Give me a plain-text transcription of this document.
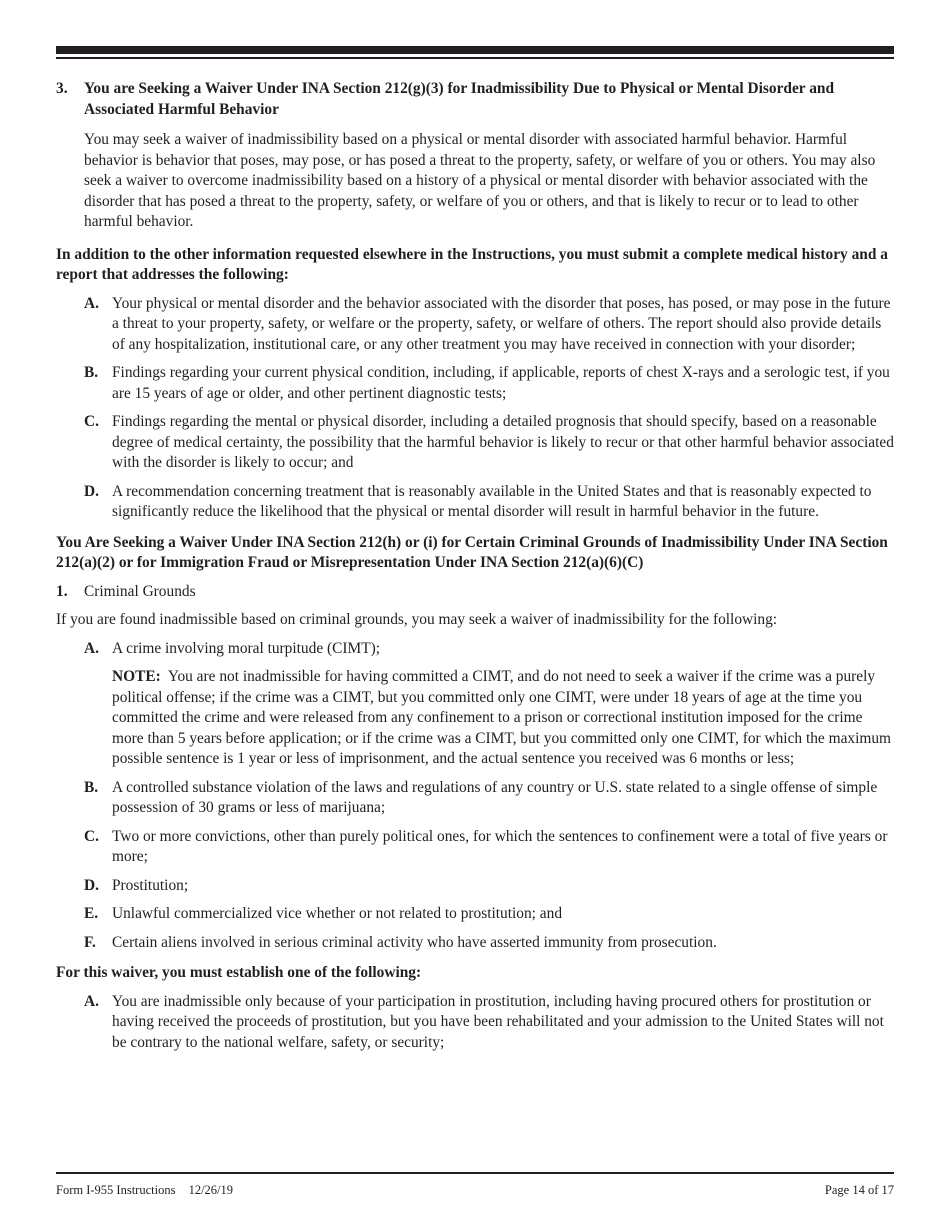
3.	You are Seeking a Waiver Under INA Section 212(g)(3) for Inadmissibility Due to Physical or Mental Disorder and Associated Harmful Behavior
You may seek a waiver of inadmissibility based on a physical or mental disorder with associated harmful behavior. Harmful behavior is behavior that poses, may pose, or has posed a threat to the property, safety, or welfare of you or others. You may also seek a waiver to overcome inadmissibility based on a history of a physical or mental disorder with behavior associated with the disorder that has posed a threat to the property, safety, or welfare of you or others, and that is likely to recur or to lead to other harmful behavior.
In addition to the other information requested elsewhere in the Instructions, you must submit a complete medical history and a report that addresses the following:
A. Your physical or mental disorder and the behavior associated with the disorder that poses, has posed, or may pose in the future a threat to your property, safety, or welfare or the property, safety, or welfare of others. The report should also provide details of any hospitalization, institutional care, or any other treatment you may have received in connection with your disorder;
B. Findings regarding your current physical condition, including, if applicable, reports of chest X-rays and a serologic test, if you are 15 years of age or older, and other pertinent diagnostic tests;
C. Findings regarding the mental or physical disorder, including a detailed prognosis that should specify, based on a reasonable degree of medical certainty, the possibility that the harmful behavior is likely to recur or that other harmful behavior associated with the disorder is likely to occur; and
D. A recommendation concerning treatment that is reasonably available in the United States and that is reasonably expected to significantly reduce the likelihood that the physical or mental disorder will result in harmful behavior in the future.
You Are Seeking a Waiver Under INA Section 212(h) or (i) for Certain Criminal Grounds of Inadmissibility Under INA Section 212(a)(2) or for Immigration Fraud or Misrepresentation Under INA Section 212(a)(6)(C)
1.	Criminal Grounds
If you are found inadmissible based on criminal grounds, you may seek a waiver of inadmissibility for the following:
A. A crime involving moral turpitude (CIMT);
NOTE: You are not inadmissible for having committed a CIMT, and do not need to seek a waiver if the crime was a purely political offense; if the crime was a CIMT, but you committed only one CIMT, were under 18 years of age at the time you committed the crime and were released from any confinement to a prison or correctional institution imposed for the crime more than 5 years before application; or if the crime was a CIMT, but you committed only one CIMT, for which the maximum possible sentence is 1 year or less of imprisonment, and the actual sentence you received was 6 months or less;
B. A controlled substance violation of the laws and regulations of any country or U.S. state related to a single offense of simple possession of 30 grams or less of marijuana;
C. Two or more convictions, other than purely political ones, for which the sentences to confinement were a total of five years or more;
D. Prostitution;
E. Unlawful commercialized vice whether or not related to prostitution; and
F.	Certain aliens involved in serious criminal activity who have asserted immunity from prosecution.
For this waiver, you must establish one of the following:
A. You are inadmissible only because of your participation in prostitution, including having procured others for prostitution or having received the proceeds of prostitution, but you have been rehabilitated and your admission to the United States will not be contrary to the national welfare, safety, or security;
Form I-955 Instructions 12/26/19	Page 14 of 17
